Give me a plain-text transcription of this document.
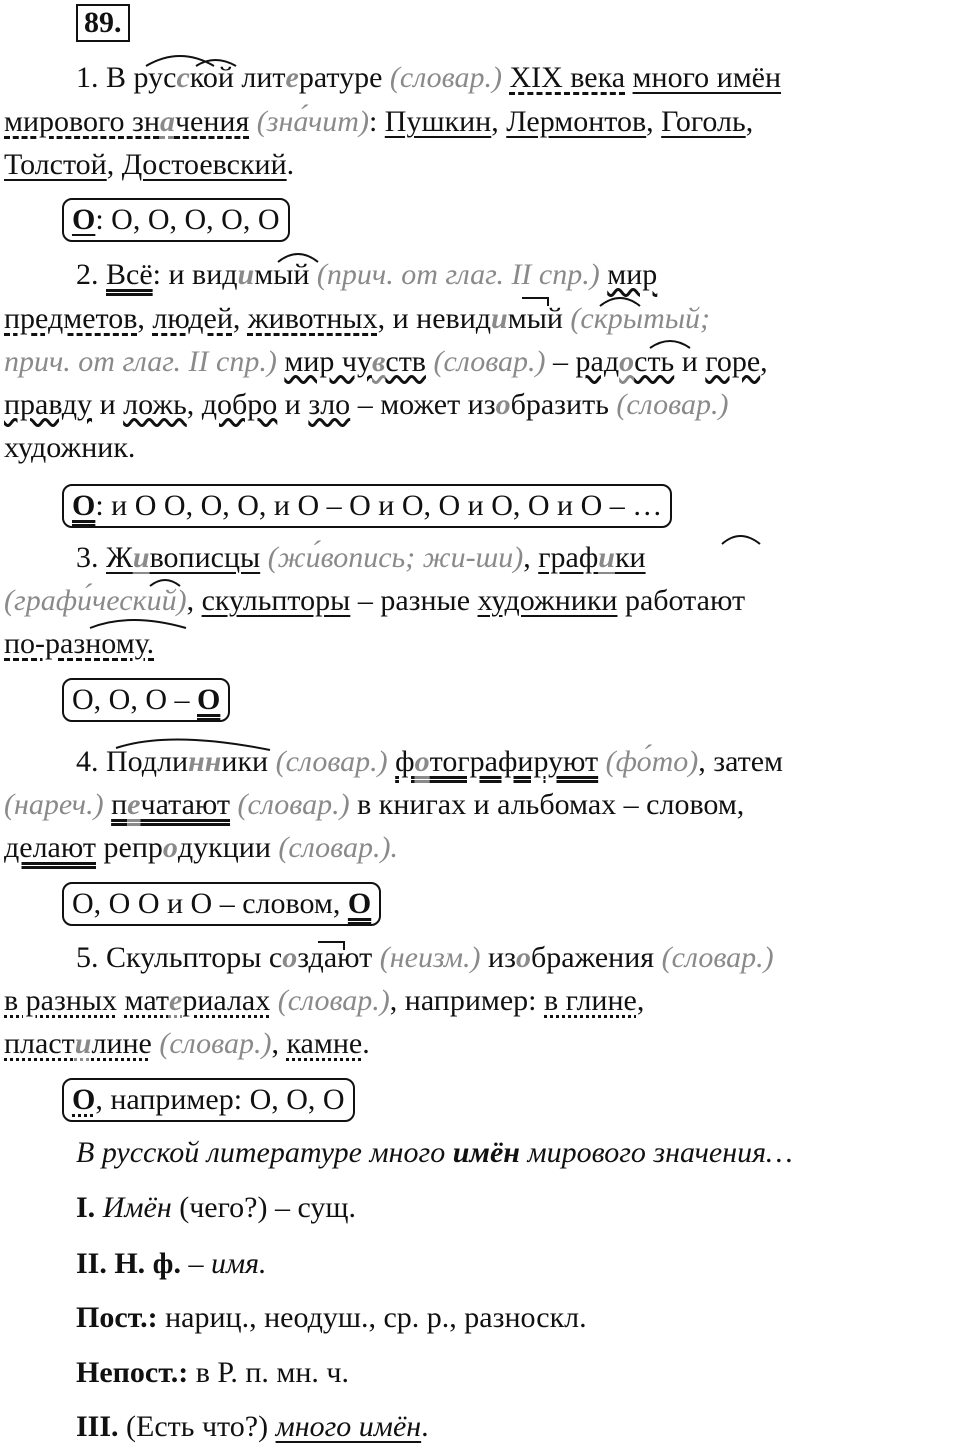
89.
1. В русской литературе (словар.) XIX века много имён
мирового значения (зна́чит): Пушкин, Лермонтов, Гоголь,
Толстой, Достоевский.
О: О, О, О, О, О
2. Всё: и видимый (прич. от глаг. II спр.) мир
предметов, людей, животных, и невидимый (скрытый;
прич. от глаг. II спр.) мир чувств (словар.) – радость и горе,
правду и ложь, добро и зло – может изобразить (словар.)
художник.
О: и О О, О, О, и О – О и О, О и О, О и О – …
3. Живописцы (жи́вопись; жи-ши), графики
(графи́ческий), скульпторы – разные художники работают
по-разному.
О, О, О – О
4. Подлинники (словар.) фотографируют (фо́то), затем
(нареч.) печатают (словар.) в книгах и альбомах – словом,
делают репродукции (словар.).
О, О О и О – словом, О
5. Скульпторы создают (неизм.) изображения (словар.)
в разных материалах (словар.), например: в глине,
пластилине (словар.), камне.
О, например: О, О, О
В русской литературе много имён мирового значения…
I. Имён (чего?) – сущ.
II. Н. ф. – имя.
Пост.: нариц., неодуш., ср. р., разноскл.
Непост.: в Р. п. мн. ч.
III. (Есть что?) много имён.
